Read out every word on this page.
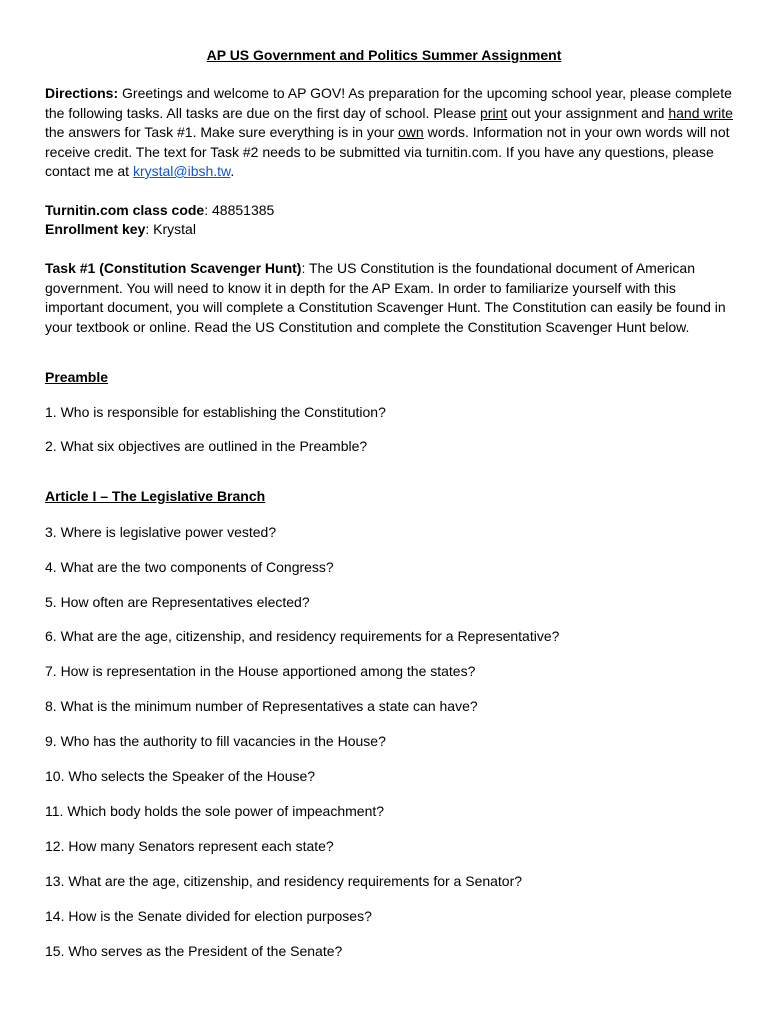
AP US Government and Politics Summer Assignment
Directions: Greetings and welcome to AP GOV! As preparation for the upcoming school year, please complete the following tasks. All tasks are due on the first day of school. Please print out your assignment and hand write the answers for Task #1. Make sure everything is in your own words. Information not in your own words will not receive credit. The text for Task #2 needs to be submitted via turnitin.com. If you have any questions, please contact me at krystal@ibsh.tw.
Turnitin.com class code: 48851385
Enrollment key: Krystal
Task #1 (Constitution Scavenger Hunt): The US Constitution is the foundational document of American government. You will need to know it in depth for the AP Exam. In order to familiarize yourself with this important document, you will complete a Constitution Scavenger Hunt. The Constitution can easily be found in your textbook or online. Read the US Constitution and complete the Constitution Scavenger Hunt below.
Preamble
1. Who is responsible for establishing the Constitution?
2. What six objectives are outlined in the Preamble?
Article I – The Legislative Branch
3. Where is legislative power vested?
4. What are the two components of Congress?
5. How often are Representatives elected?
6. What are the age, citizenship, and residency requirements for a Representative?
7. How is representation in the House apportioned among the states?
8. What is the minimum number of Representatives a state can have?
9. Who has the authority to fill vacancies in the House?
10. Who selects the Speaker of the House?
11. Which body holds the sole power of impeachment?
12. How many Senators represent each state?
13. What are the age, citizenship, and residency requirements for a Senator?
14. How is the Senate divided for election purposes?
15. Who serves as the President of the Senate?
